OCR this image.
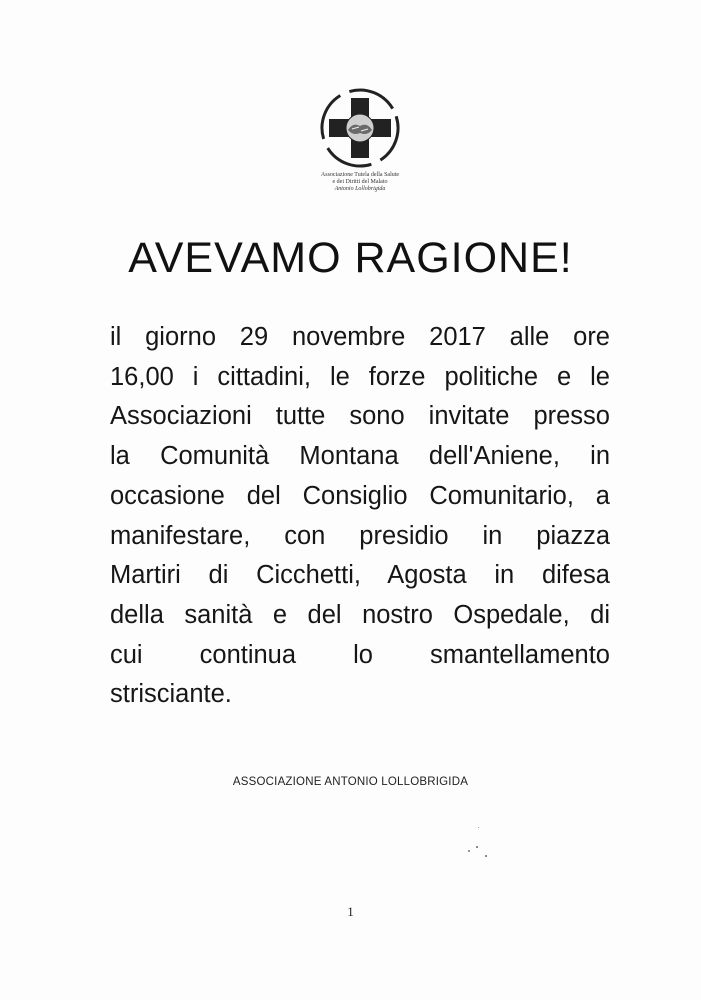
Associazione Tutela della Salute
e dei Diritti del Malato
Antonio Lollobrigida
AVEVAMO RAGIONE!
il giorno 29 novembre 2017 alle ore
16,00 i cittadini, le forze politiche e le
Associazioni tutte sono invitate presso
la Comunità Montana dell'Aniene, in
occasione del Consiglio Comunitario, a
manifestare, con presidio in piazza
Martiri di Cicchetti, Agosta in difesa
della sanità e del nostro Ospedale, di
cui continua lo smantellamento
strisciante.
ASSOCIAZIONE ANTONIO LOLLOBRIGIDA
1
